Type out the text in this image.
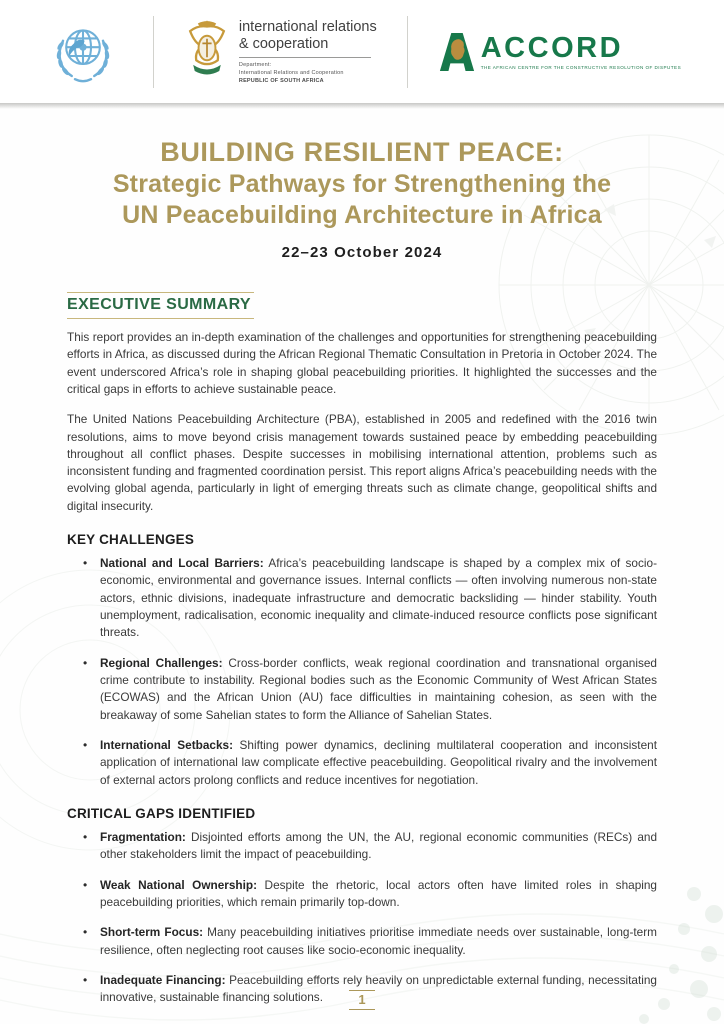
international relations
& cooperation
Department:
International Relations and Cooperation
REPUBLIC OF SOUTH AFRICA
ACCORD
THE AFRICAN CENTRE FOR THE CONSTRUCTIVE RESOLUTION OF DISPUTES
BUILDING RESILIENT PEACE:
Strategic Pathways for Strengthening the
UN Peacebuilding Architecture in Africa
22–23 October 2024
EXECUTIVE SUMMARY

This report provides an in-depth examination of the challenges and opportunities for strengthening peacebuilding efforts in Africa, as discussed during the African Regional Thematic Consultation in Pretoria in October 2024. The event underscored Africa’s role in shaping global peacebuilding priorities. It highlighted the successes and the critical gaps in efforts to achieve sustainable peace.

The United Nations Peacebuilding Architecture (PBA), established in 2005 and redefined with the 2016 twin resolutions, aims to move beyond crisis management towards sustained peace by embedding peacebuilding throughout all conflict phases. Despite successes in mobilising international attention, problems such as inconsistent funding and fragmented coordination persist. This report aligns Africa’s peacebuilding needs with the evolving global agenda, particularly in light of emerging threats such as climate change, geopolitical shifts and digital insecurity.

KEY CHALLENGES
• National and Local Barriers: Africa’s peacebuilding landscape is shaped by a complex mix of socio-economic, environmental and governance issues. Internal conflicts — often involving numerous non-state actors, ethnic divisions, inadequate infrastructure and democratic backsliding — hinder stability. Youth unemployment, radicalisation, economic inequality and climate-induced resource conflicts pose significant threats.
• Regional Challenges: Cross-border conflicts, weak regional coordination and transnational organised crime contribute to instability. Regional bodies such as the Economic Community of West African States (ECOWAS) and the African Union (AU) face difficulties in maintaining cohesion, as seen with the breakaway of some Sahelian states to form the Alliance of Sahelian States.
• International Setbacks: Shifting power dynamics, declining multilateral cooperation and inconsistent application of international law complicate effective peacebuilding. Geopolitical rivalry and the involvement of external actors prolong conflicts and reduce incentives for negotiation.
CRITICAL GAPS IDENTIFIED
• Fragmentation: Disjointed efforts among the UN, the AU, regional economic communities (RECs) and other stakeholders limit the impact of peacebuilding.
• Weak National Ownership: Despite the rhetoric, local actors often have limited roles in shaping peacebuilding priorities, which remain primarily top-down.
• Short-term Focus: Many peacebuilding initiatives prioritise immediate needs over sustainable, long-term resilience, often neglecting root causes like socio-economic inequality.
• Inadequate Financing: Peacebuilding efforts rely heavily on unpredictable external funding, necessitating innovative, sustainable financing solutions.	1
